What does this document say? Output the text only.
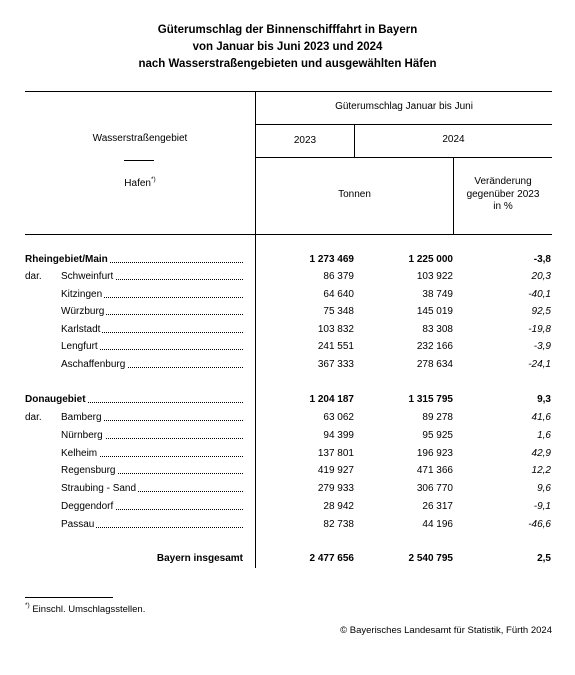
Güterumschlag der Binnenschifffahrt in Bayern
von Januar bis Juni 2023 und 2024
nach Wasserstraßengebieten und ausgewählten Häfen
Wasserstraßengebiet
Hafen*)
Güterumschlag Januar bis Juni
2023	2024
Tonnen
Veränderung
gegenüber 2023
in %
Rheingebiet/Main	1 273 469	1 225 000	-3,8
dar. Schweinfurt	86 379	103 922	20,3
Kitzingen	64 640	38 749	-40,1
Würzburg	75 348	145 019	92,5
Karlstadt	103 832	83 308	-19,8
Lengfurt	241 551	232 166	-3,9
Aschaffenburg	367 333	278 634	-24,1
Donaugebiet	1 204 187	1 315 795	9,3
dar. Bamberg	63 062	89 278	41,6
Nürnberg	94 399	95 925	1,6
Kelheim	137 801	196 923	42,9
Regensburg	419 927	471 366	12,2
Straubing - Sand	279 933	306 770	9,6
Deggendorf	28 942	26 317	-9,1
Passau	82 738	44 196	-46,6
Bayern insgesamt	2 477 656	2 540 795	2,5
*) Einschl. Umschlagsstellen.
© Bayerisches Landesamt für Statistik, Fürth 2024
